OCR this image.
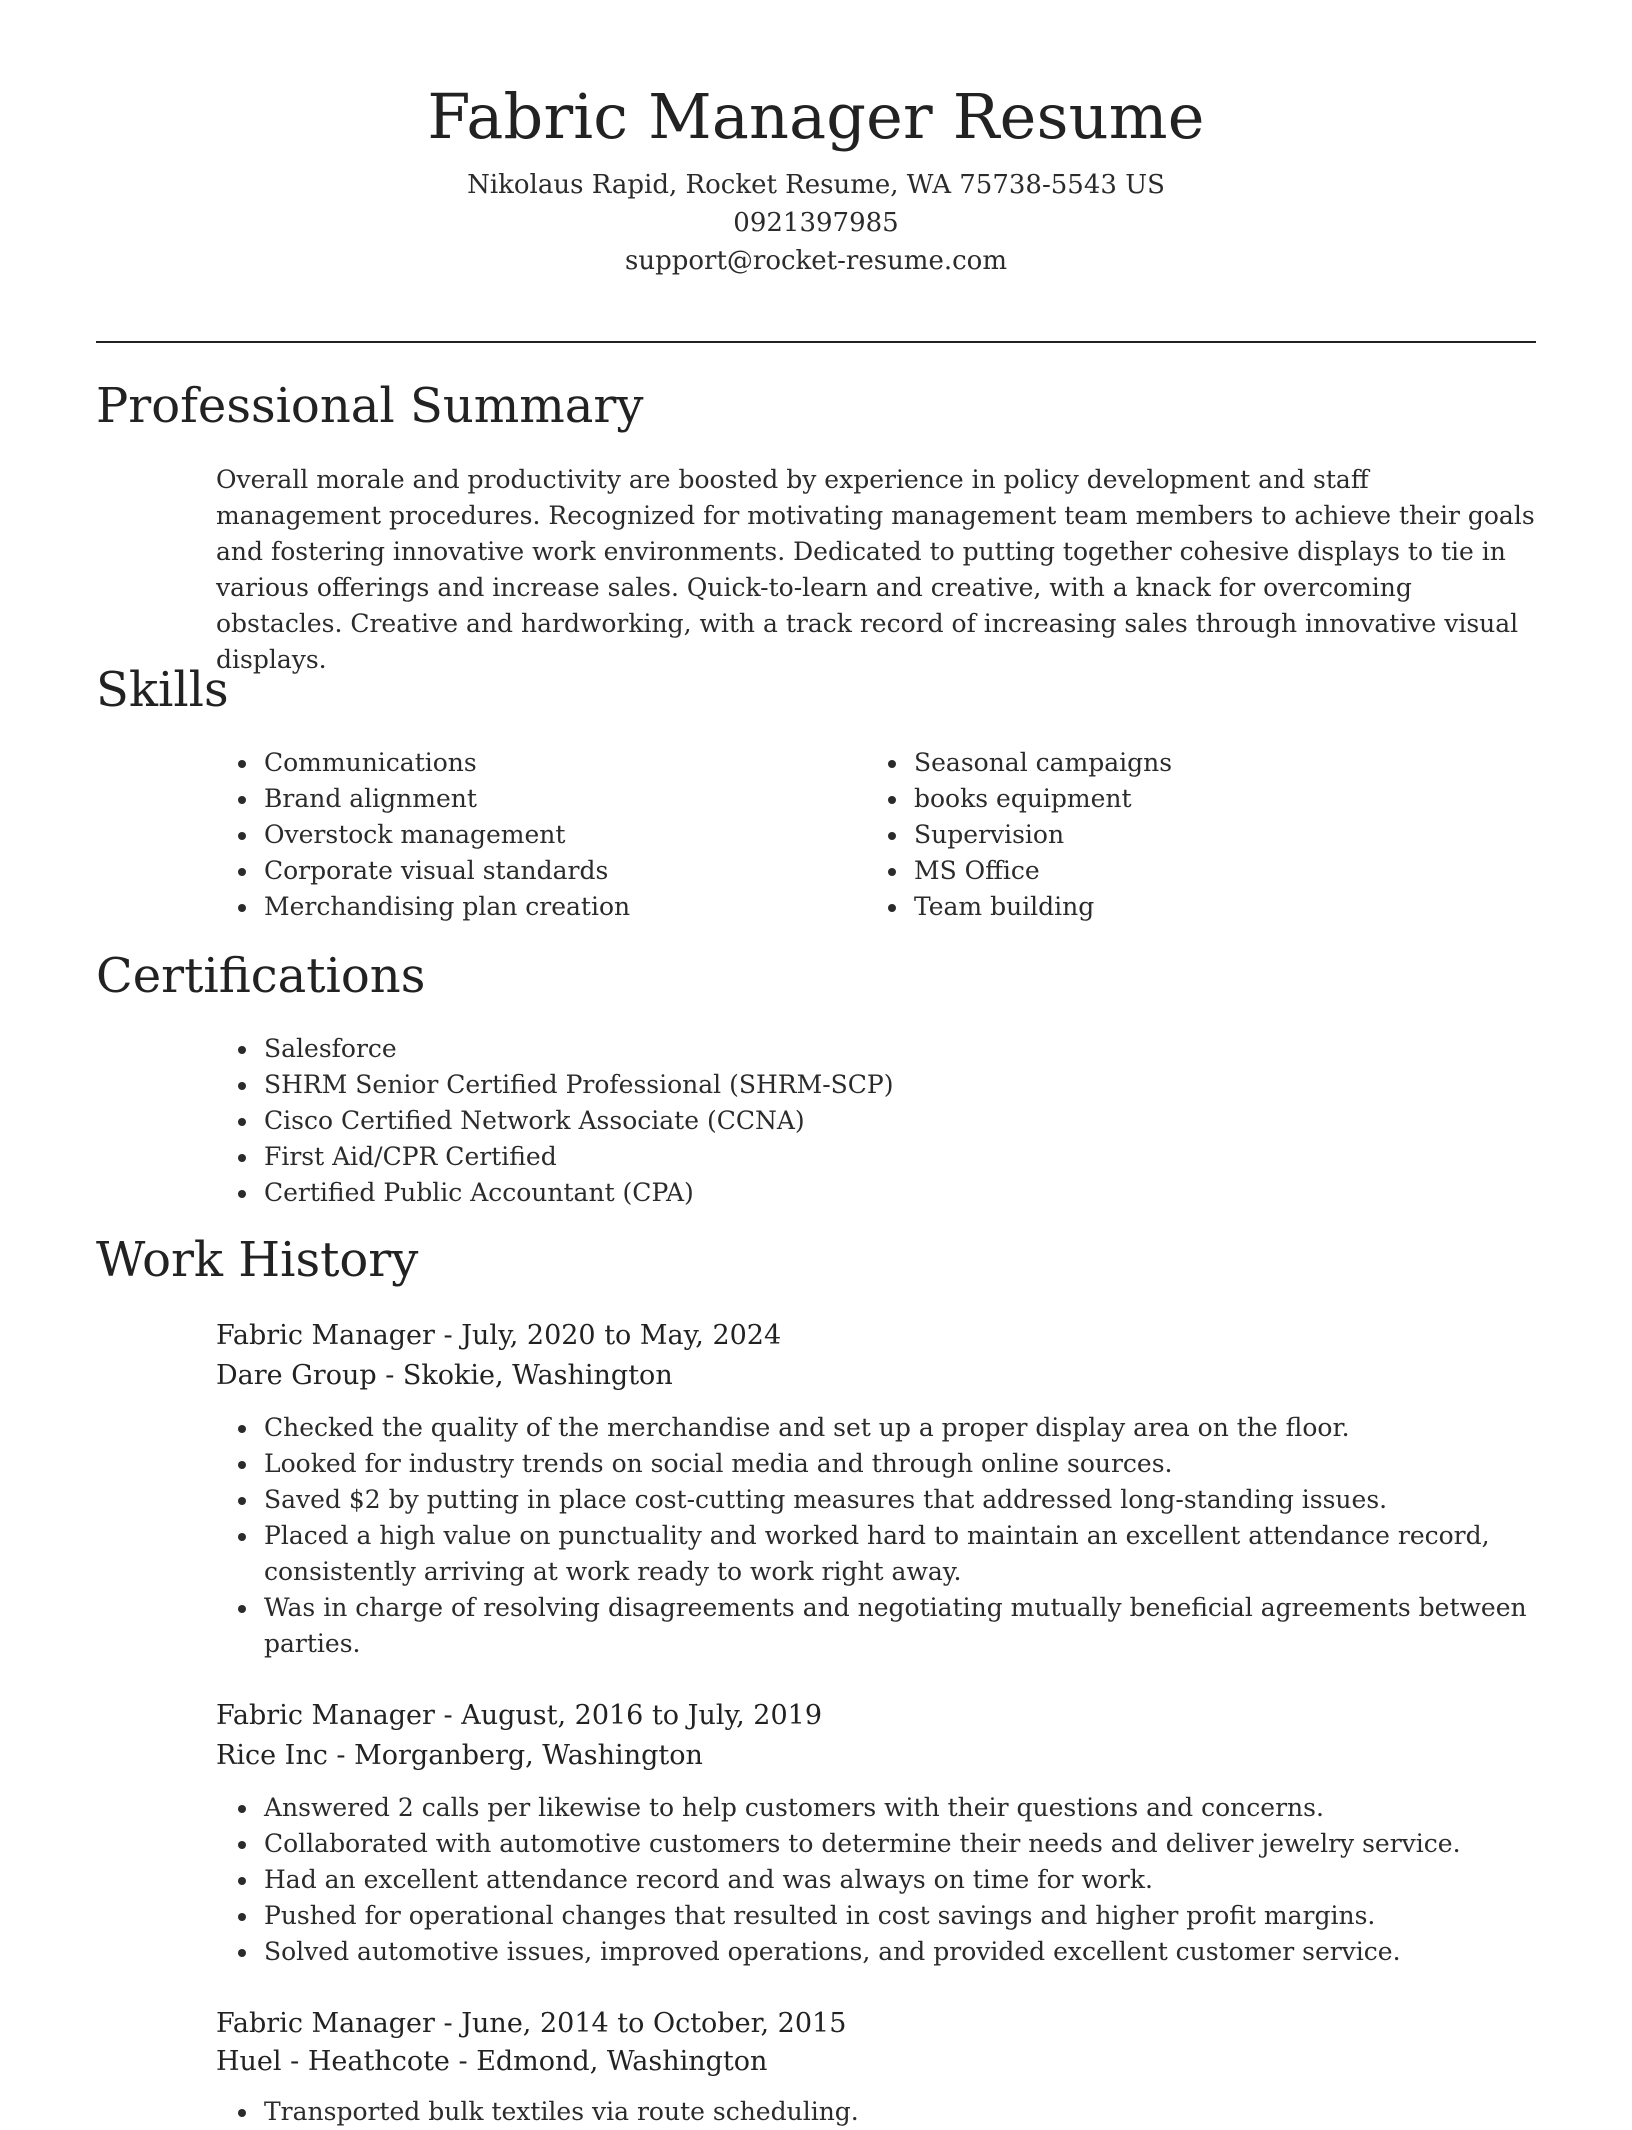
Fabric Manager Resume

Nikolaus Rapid, Rocket Resume, WA 75738-5543 US

0921397985

support@rocket-resume.com

Professional Summary

Overall morale and productivity are boosted by experience in policy development and staff management procedures. Recognized for motivating management team members to achieve their goals and fostering innovative work environments. Dedicated to putting together cohesive displays to tie in various offerings and increase sales. Quick-to-learn and creative, with a knack for overcoming obstacles. Creative and hardworking, with a track record of increasing sales through innovative visual displays.

Skills
• Communications
• Brand alignment
• Overstock management
• Corporate visual standards
• Merchandising plan creation
• Seasonal campaigns
• books equipment
• Supervision
• MS Office
• Team building
Certifications
• Salesforce
• SHRM Senior Certified Professional (SHRM-SCP)
• Cisco Certified Network Associate (CCNA)
• First Aid/CPR Certified
• Certified Public Accountant (CPA)
Work History

Fabric Manager - July, 2020 to May, 2024

Dare Group - Skokie, Washington

• Checked the quality of the merchandise and set up a proper display area on the floor.
• Looked for industry trends on social media and through online sources.
• Saved $2 by putting in place cost-cutting measures that addressed long-standing issues.
• Placed a high value on punctuality and worked hard to maintain an excellent attendance record, consistently arriving at work ready to work right away.
• Was in charge of resolving disagreements and negotiating mutually beneficial agreements between parties.

Fabric Manager - August, 2016 to July, 2019

Rice Inc - Morganberg, Washington

• Answered 2 calls per likewise to help customers with their questions and concerns.
• Collaborated with automotive customers to determine their needs and deliver jewelry service.
• Had an excellent attendance record and was always on time for work.
• Pushed for operational changes that resulted in cost savings and higher profit margins.
• Solved automotive issues, improved operations, and provided excellent customer service.

Fabric Manager - June, 2014 to October, 2015

Huel - Heathcote - Edmond, Washington

• Transported bulk textiles via route scheduling.
